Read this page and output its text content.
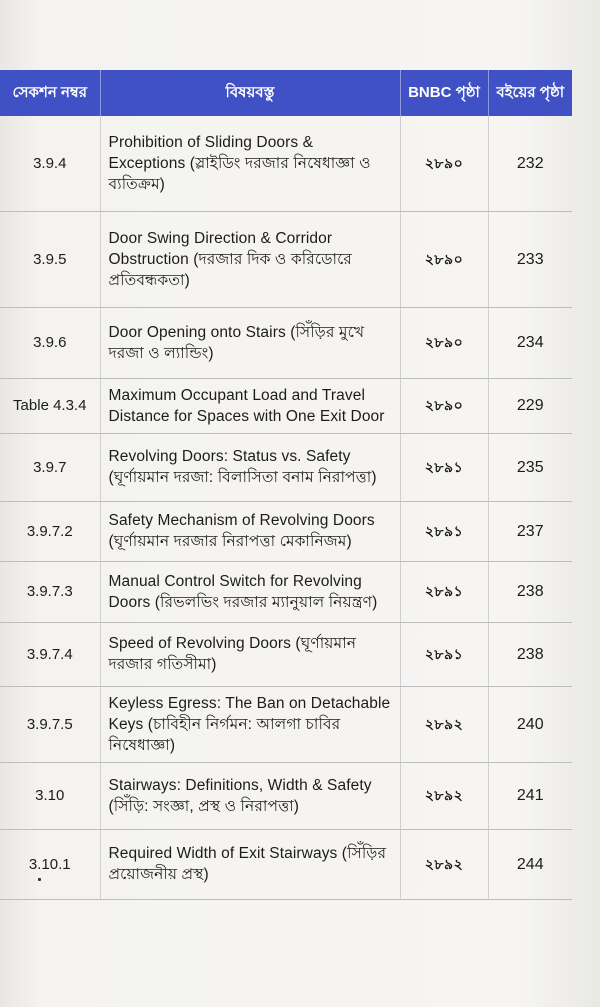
সেকশন নম্বর	বিষয়বস্তু	BNBC পৃষ্ঠা	বইয়ের পৃষ্ঠা
3.9.4	Prohibition of Sliding Doors & Exceptions (স্লাইডিং দরজার নিষেধাজ্ঞা ও ব্যতিক্রম)	২৮৯০	232
3.9.5	Door Swing Direction & Corridor Obstruction (দরজার দিক ও করিডোরে প্রতিবন্ধকতা)	২৮৯০	233
3.9.6	Door Opening onto Stairs (সিঁড়ির মুখে দরজা ও ল্যান্ডিং)	২৮৯০	234
Table 4.3.4	Maximum Occupant Load and Travel Distance for Spaces with One Exit Door	২৮৯০	229
3.9.7	Revolving Doors: Status vs. Safety (ঘূর্ণায়মান দরজা: বিলাসিতা বনাম নিরাপত্তা)	২৮৯১	235
3.9.7.2	Safety Mechanism of Revolving Doors (ঘূর্ণায়মান দরজার নিরাপত্তা মেকানিজম)	২৮৯১	237
3.9.7.3	Manual Control Switch for Revolving Doors (রিভলভিং দরজার ম্যানুয়াল নিয়ন্ত্রণ)	২৮৯১	238
3.9.7.4	Speed of Revolving Doors (ঘূর্ণায়মান দরজার গতিসীমা)	২৮৯১	238
3.9.7.5	Keyless Egress: The Ban on Detachable Keys (চাবিহীন নির্গমন: আলগা চাবির নিষেধাজ্ঞা)	২৮৯২	240
3.10	Stairways: Definitions, Width & Safety (সিঁড়ি: সংজ্ঞা, প্রস্থ ও নিরাপত্তা)	২৮৯২	241
3.10.1	Required Width of Exit Stairways (সিঁড়ির প্রয়োজনীয় প্রস্থ)	২৮৯২	244
